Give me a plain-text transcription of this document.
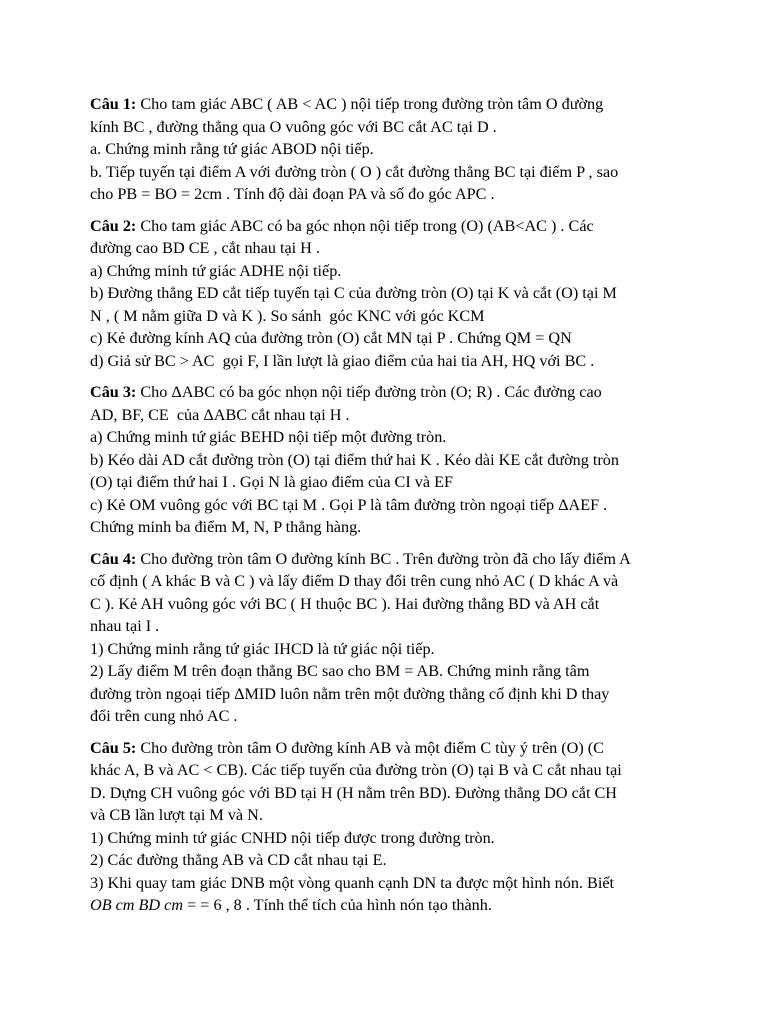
Câu 1: Cho tam giác ABC ( AB < AC ) nội tiếp trong đường tròn tâm O đường
kính BC , đường thẳng qua O vuông góc với BC cắt AC tại D .
a. Chứng minh rằng tứ giác ABOD nội tiếp.
b. Tiếp tuyến tại điểm A với đường tròn ( O ) cắt đường thẳng BC tại điểm P , sao
cho PB = BO = 2cm . Tính độ dài đoạn PA và số đo góc APC .
Câu 2: Cho tam giác ABC có ba góc nhọn nội tiếp trong (O) (AB<AC ) . Các
đường cao BD CE , cắt nhau tại H .
a) Chứng minh tứ giác ADHE nội tiếp.
b) Đường thẳng ED cắt tiếp tuyến tại C của đường tròn (O) tại K và cắt (O) tại M
N , ( M nằm giữa D và K ). So sánh  góc KNC với góc KCM
c) Kẻ đường kính AQ của đường tròn (O) cắt MN tại P . Chứng QM = QN
d) Giả sử BC > AC  gọi F, I lần lượt là giao điểm của hai tia AH, HQ với BC .
Câu 3: Cho ΔABC có ba góc nhọn nội tiếp đường tròn (O; R) . Các đường cao
AD, BF, CE  của ΔABC cắt nhau tại H .
a) Chứng minh tứ giác BEHD nội tiếp một đường tròn.
b) Kéo dài AD cắt đường tròn (O) tại điểm thứ hai K . Kéo dài KE cắt đường tròn
(O) tại điểm thứ hai I . Gọi N là giao điểm của CI và EF
c) Kẻ OM vuông góc với BC tại M . Gọi P là tâm đường tròn ngoại tiếp ΔAEF .
Chứng minh ba điểm M, N, P thẳng hàng.
Câu 4: Cho đường tròn tâm O đường kính BC . Trên đường tròn đã cho lấy điểm A
cố định ( A khác B và C ) và lấy điểm D thay đổi trên cung nhỏ AC ( D khác A và
C ). Kẻ AH vuông góc với BC ( H thuộc BC ). Hai đường thẳng BD và AH cắt
nhau tại I .
1) Chứng minh rằng tứ giác IHCD là tứ giác nội tiếp.
2) Lấy điểm M trên đoạn thẳng BC sao cho BM = AB. Chứng minh rằng tâm
đường tròn ngoại tiếp ΔMID luôn nằm trên một đường thẳng cố định khi D thay
đổi trên cung nhỏ AC .
Câu 5: Cho đường tròn tâm O đường kính AB và một điểm C tùy ý trên (O) (C
khác A, B và AC < CB). Các tiếp tuyến của đường tròn (O) tại B và C cắt nhau tại
D. Dựng CH vuông góc với BD tại H (H nằm trên BD). Đường thẳng DO cắt CH
và CB lần lượt tại M và N.
1) Chứng minh tứ giác CNHD nội tiếp được trong đường tròn.
2) Các đường thẳng AB và CD cắt nhau tại E.
3) Khi quay tam giác DNB một vòng quanh cạnh DN ta được một hình nón. Biết
OB cm BD cm = = 6 , 8 . Tính thể tích của hình nón tạo thành.
